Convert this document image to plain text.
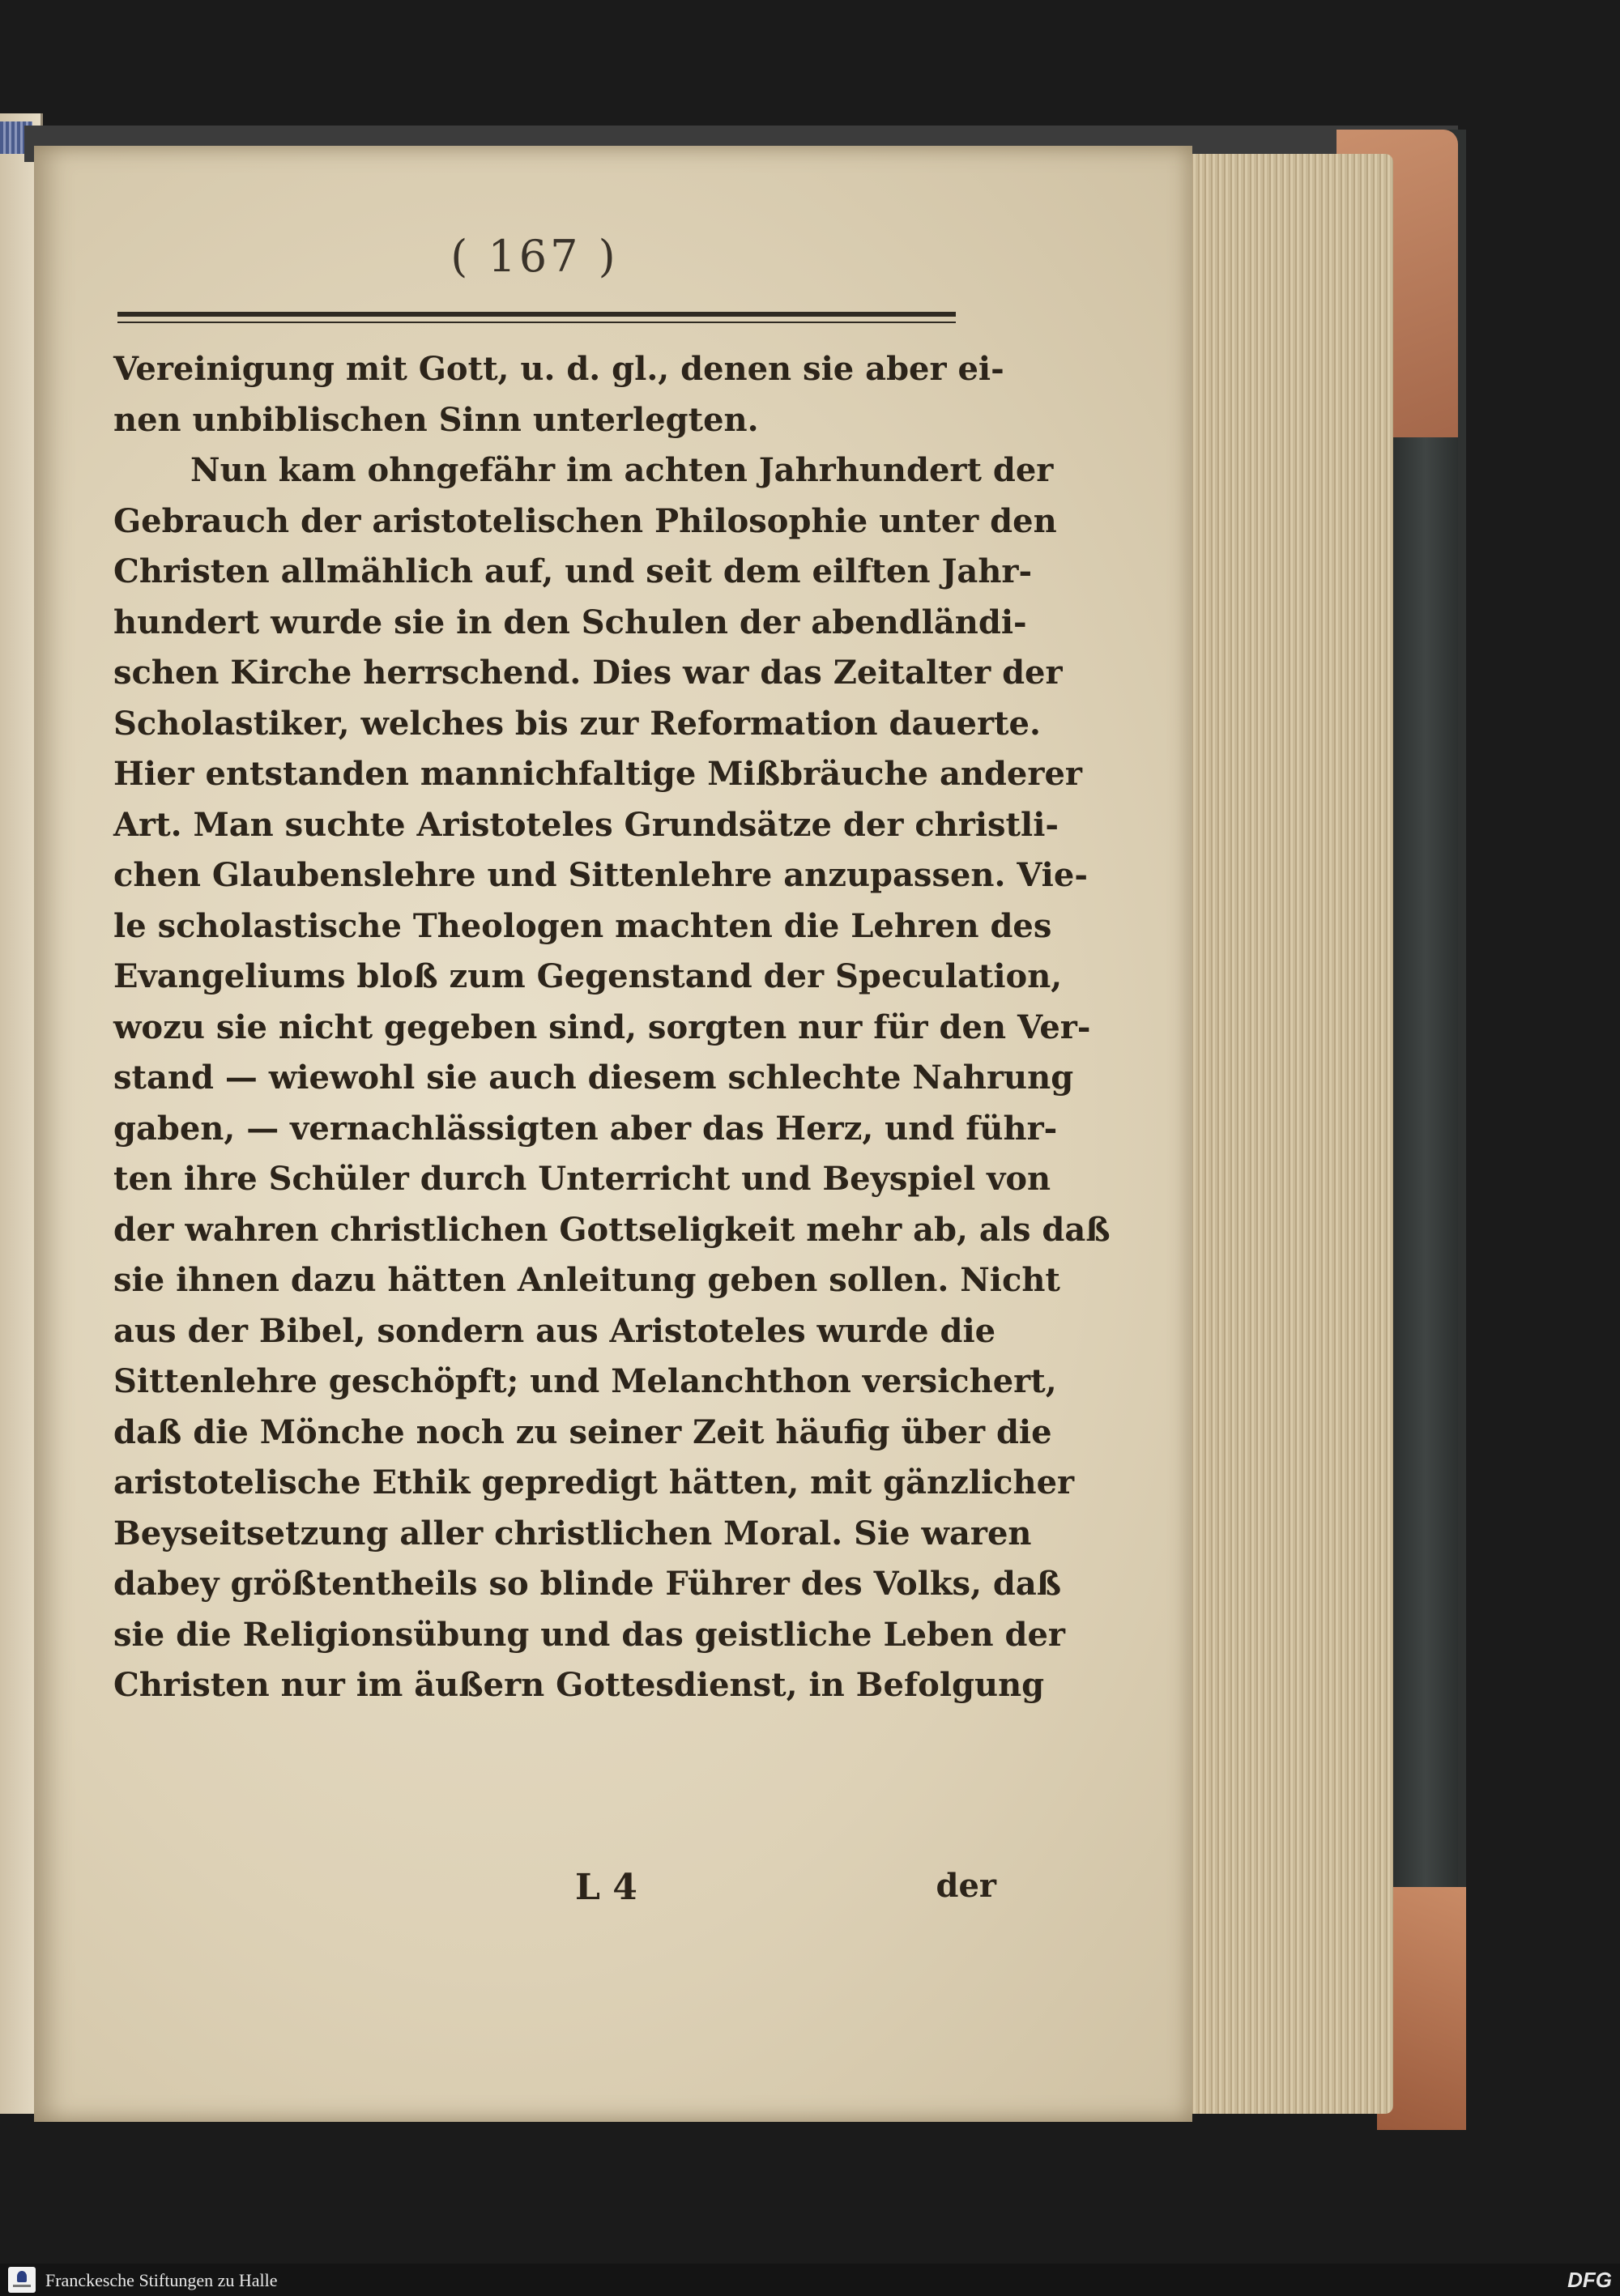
( 167 )

Vereinigung mit Gott, u. d. gl., denen sie aber ei-
nen unbiblischen Sinn unterlegten.
Nun kam ohngefähr im achten Jahrhundert der
Gebrauch der aristotelischen Philosophie unter den
Christen allmählich auf, und seit dem eilften Jahr-
hundert wurde sie in den Schulen der abendländi-
schen Kirche herrschend. Dies war das Zeitalter der
Scholastiker, welches bis zur Reformation dauerte.
Hier entstanden mannichfaltige Mißbräuche anderer
Art. Man suchte Aristoteles Grundsätze der christli-
chen Glaubenslehre und Sittenlehre anzupassen. Vie-
le scholastische Theologen machten die Lehren des
Evangeliums bloß zum Gegenstand der Speculation,
wozu sie nicht gegeben sind, sorgten nur für den Ver-
stand — wiewohl sie auch diesem schlechte Nahrung
gaben, — vernachlässigten aber das Herz, und führ-
ten ihre Schüler durch Unterricht und Beyspiel von
der wahren christlichen Gottseligkeit mehr ab, als daß
sie ihnen dazu hätten Anleitung geben sollen. Nicht
aus der Bibel, sondern aus Aristoteles wurde die
Sittenlehre geschöpft; und Melanchthon versichert,
daß die Mönche noch zu seiner Zeit häufig über die
aristotelische Ethik gepredigt hätten, mit gänzlicher
Beyseitsetzung aller christlichen Moral. Sie waren
dabey größtentheils so blinde Führer des Volks, daß
sie die Religionsübung und das geistliche Leben der
Christen nur im äußern Gottesdienst, in Befolgung

L 4	der

Franckesche Stiftungen zu Halle	DFG
